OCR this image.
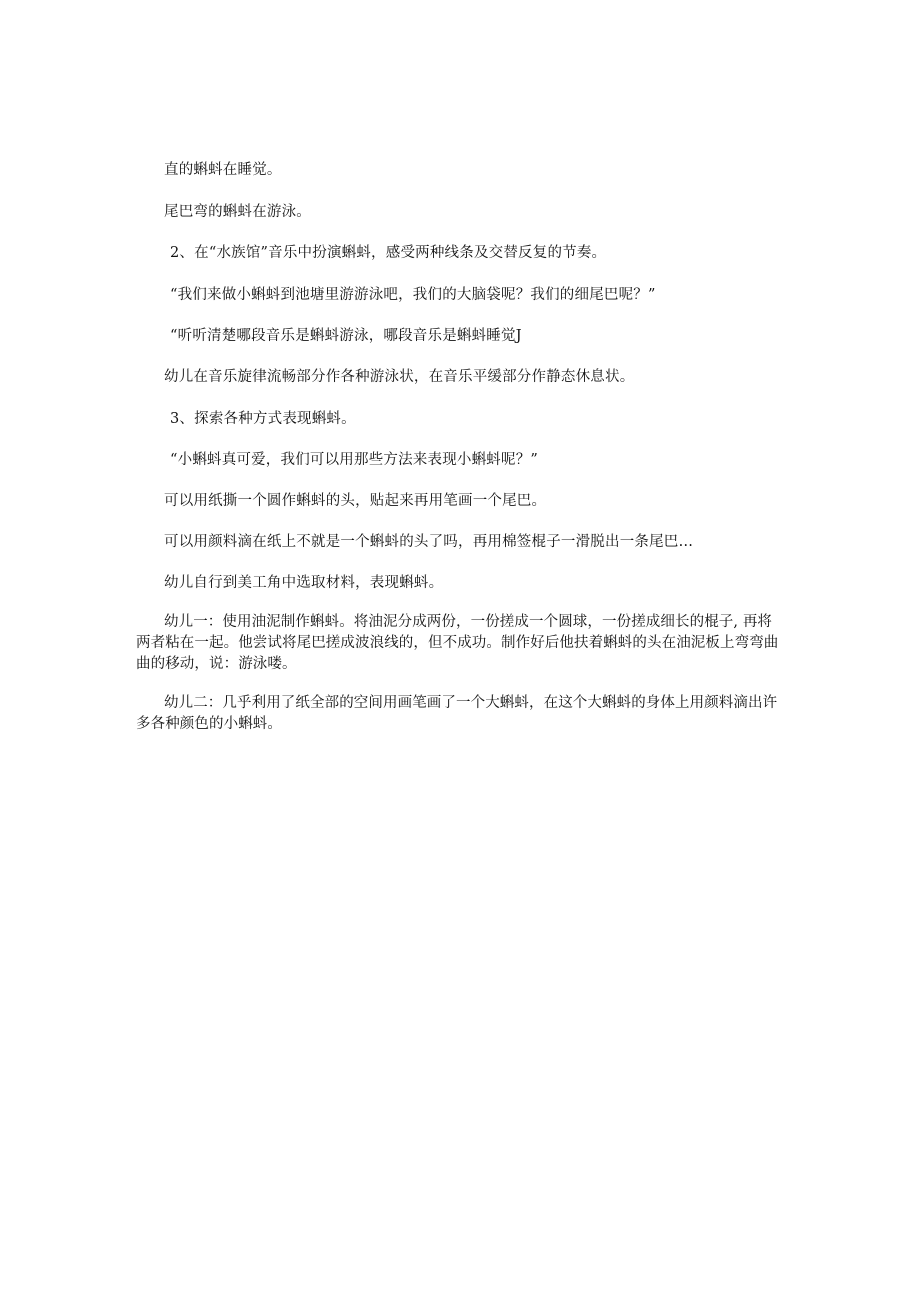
直的蝌蚪在睡觉。

尾巴弯的蝌蚪在游泳。

2、在“水族馆”音乐中扮演蝌蚪，感受两种线条及交替反复的节奏。

“我们来做小蝌蚪到池塘里游游泳吧，我们的大脑袋呢？我们的细尾巴呢？”

“听听清楚哪段音乐是蝌蚪游泳，哪段音乐是蝌蚪睡觉J

幼儿在音乐旋律流畅部分作各种游泳状，在音乐平缓部分作静态休息状。

3、探索各种方式表现蝌蚪。

“小蝌蚪真可爱，我们可以用那些方法来表现小蝌蚪呢？”

可以用纸撕一个圆作蝌蚪的头，贴起来再用笔画一个尾巴。

可以用颜料滴在纸上不就是一个蝌蚪的头了吗，再用棉签棍子一滑脱出一条尾巴…

幼儿自行到美工角中选取材料，表现蝌蚪。

幼儿一：使用油泥制作蝌蚪。将油泥分成两份，一份搓成一个圆球，一份搓成细长的棍子, 再将两者粘在一起。他尝试将尾巴搓成波浪线的，但不成功。制作好后他扶着蝌蚪的头在油泥板上弯弯曲曲的移动，说：游泳喽。

幼儿二：几乎利用了纸全部的空间用画笔画了一个大蝌蚪，在这个大蝌蚪的身体上用颜料滴出许多各种颜色的小蝌蚪。
